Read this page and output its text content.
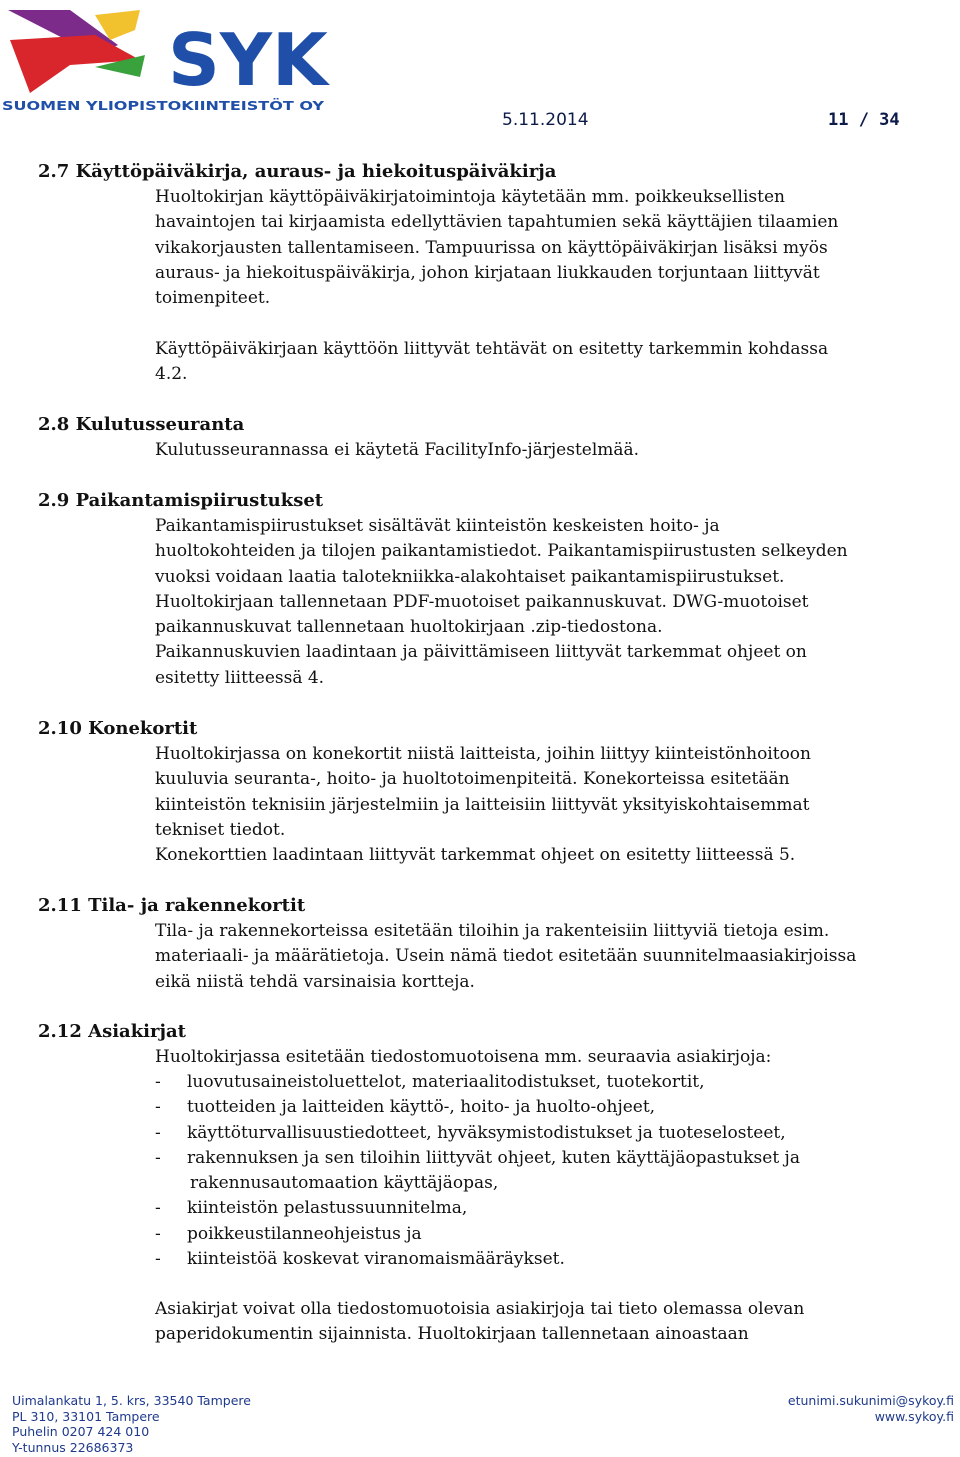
SYK
SUOMEN YLIOPISTOKIINTEISTÖT OY
5.11.2014	11 / 34
2.7 Käyttöpäiväkirja, auraus- ja hiekoituspäiväkirja
Huoltokirjan käyttöpäiväkirjatoimintoja käytetään mm. poikkeuksellisten
havaintojen tai kirjaamista edellyttävien tapahtumien sekä käyttäjien tilaamien
vikakorjausten tallentamiseen. Tampuurissa on käyttöpäiväkirjan lisäksi myös
auraus- ja hiekoituspäiväkirja, johon kirjataan liukkauden torjuntaan liittyvät
toimenpiteet.
Käyttöpäiväkirjaan käyttöön liittyvät tehtävät on esitetty tarkemmin kohdassa
4.2.
2.8 Kulutusseuranta
Kulutusseurannassa ei käytetä FacilityInfo-järjestelmää.
2.9 Paikantamispiirustukset
Paikantamispiirustukset sisältävät kiinteistön keskeisten hoito- ja
huoltokohteiden ja tilojen paikantamistiedot. Paikantamispiirustusten selkeyden
vuoksi voidaan laatia talotekniikka-alakohtaiset paikantamispiirustukset.
Huoltokirjaan tallennetaan PDF-muotoiset paikannuskuvat. DWG-muotoiset
paikannuskuvat tallennetaan huoltokirjaan .zip-tiedostona.
Paikannuskuvien laadintaan ja päivittämiseen liittyvät tarkemmat ohjeet on
esitetty liitteessä 4.
2.10 Konekortit
Huoltokirjassa on konekortit niistä laitteista, joihin liittyy kiinteistönhoitoon
kuuluvia seuranta-, hoito- ja huoltotoimenpiteitä. Konekorteissa esitetään
kiinteistön teknisiin järjestelmiin ja laitteisiin liittyvät yksityiskohtaisemmat
tekniset tiedot.
Konekorttien laadintaan liittyvät tarkemmat ohjeet on esitetty liitteessä 5.
2.11 Tila- ja rakennekortit
Tila- ja rakennekorteissa esitetään tiloihin ja rakenteisiin liittyviä tietoja esim.
materiaali- ja määrätietoja. Usein nämä tiedot esitetään suunnitelmaasiakirjoissa
eikä niistä tehdä varsinaisia kortteja.
2.12 Asiakirjat
Huoltokirjassa esitetään tiedostomuotoisena mm. seuraavia asiakirjoja:
-	luovutusaineistoluettelot, materiaalitodistukset, tuotekortit,
-	tuotteiden ja laitteiden käyttö-, hoito- ja huolto-ohjeet,
-	käyttöturvallisuustiedotteet, hyväksymistodistukset ja tuoteselosteet,
-	rakennuksen ja sen tiloihin liittyvät ohjeet, kuten käyttäjäopastukset ja
rakennusautomaation käyttäjäopas,
-	kiinteistön pelastussuunnitelma,
-	poikkeustilanneohjeistus ja
-	kiinteistöä koskevat viranomaismääräykset.
Asiakirjat voivat olla tiedostomuotoisia asiakirjoja tai tieto olemassa olevan
paperidokumentin sijainnista. Huoltokirjaan tallennetaan ainoastaan
Uimalankatu 1, 5. krs, 33540 Tampere
PL 310, 33101 Tampere
Puhelin 0207 424 010
Y-tunnus 22686373
etunimi.sukunimi@sykoy.fi
www.sykoy.fi
